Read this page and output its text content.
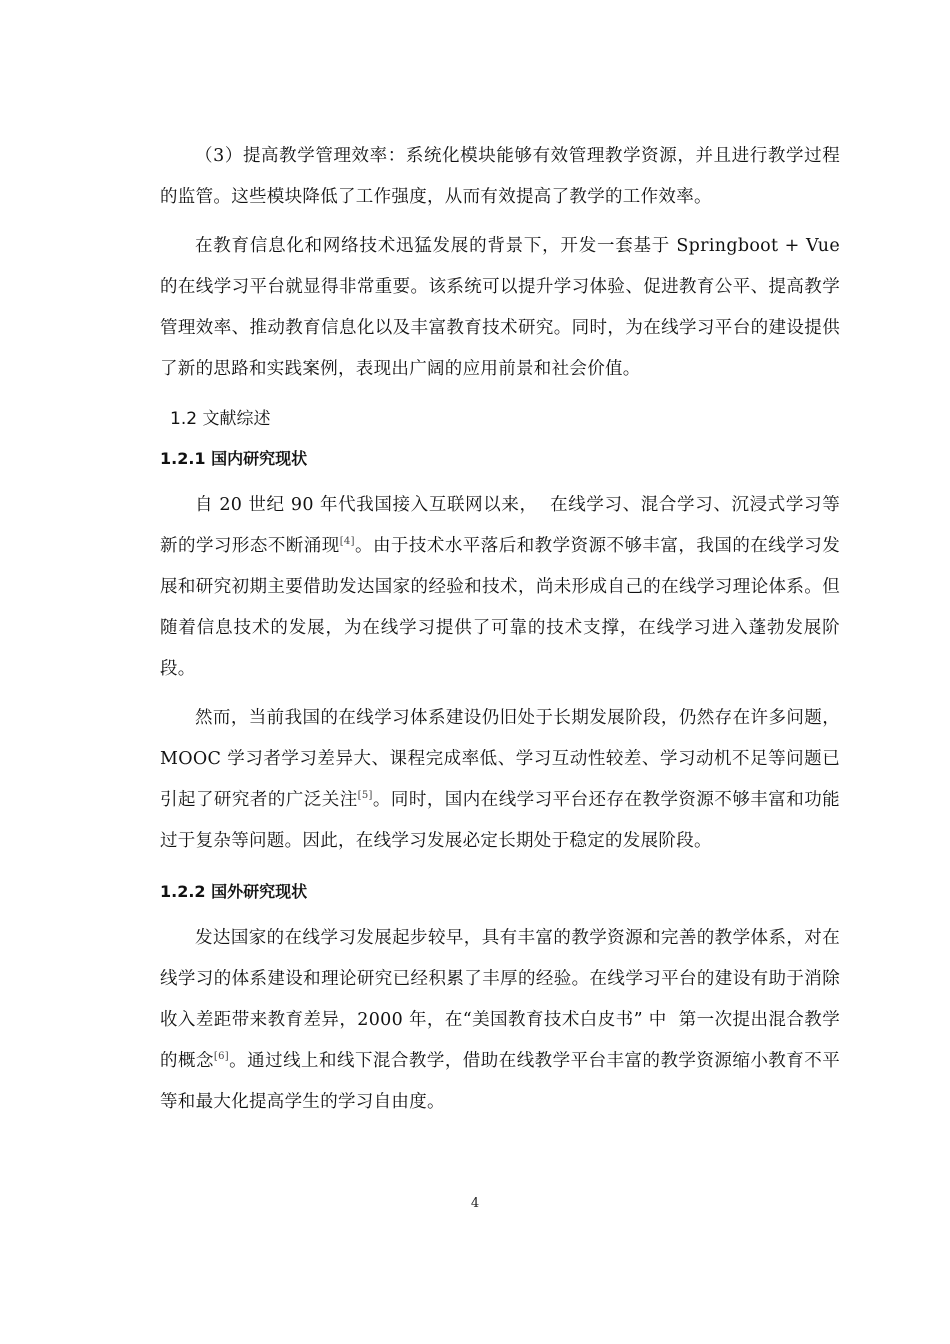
（3）提高教学管理效率：系统化模块能够有效管理教学资源，并且进行教学过程的监管。这些模块降低了工作强度，从而有效提高了教学的工作效率。

在教育信息化和网络技术迅猛发展的背景下，开发一套基于 Springboot + Vue 的在线学习平台就显得非常重要。该系统可以提升学习体验、促进教育公平、提高教学管理效率、推动教育信息化以及丰富教育技术研究。同时，为在线学习平台的建设提供了新的思路和实践案例，表现出广阔的应用前景和社会价值。

1.2 文献综述
1.2.1 国内研究现状

自 20 世纪 90 年代我国接入互联网以来，  在线学习、混合学习、沉浸式学习等新的学习形态不断涌现[4]。由于技术水平落后和教学资源不够丰富，我国的在线学习发展和研究初期主要借助发达国家的经验和技术，尚未形成自己的在线学习理论体系。但随着信息技术的发展，为在线学习提供了可靠的技术支撑，在线学习进入蓬勃发展阶段。

然而，当前我国的在线学习体系建设仍旧处于长期发展阶段，仍然存在许多问题，MOOC 学习者学习差异大、课程完成率低、学习互动性较差、学习动机不足等问题已引起了研究者的广泛关注[5]。同时，国内在线学习平台还存在教学资源不够丰富和功能过于复杂等问题。因此，在线学习发展必定长期处于稳定的发展阶段。

1.2.2 国外研究现状

发达国家的在线学习发展起步较早，具有丰富的教学资源和完善的教学体系，对在线学习的体系建设和理论研究已经积累了丰厚的经验。在线学习平台的建设有助于消除收入差距带来教育差异，2000 年，在“美国教育技术白皮书” 中  第一次提出混合教学的概念[6]。通过线上和线下混合教学，借助在线教学平台丰富的教学资源缩小教育不平等和最大化提高学生的学习自由度。

4
